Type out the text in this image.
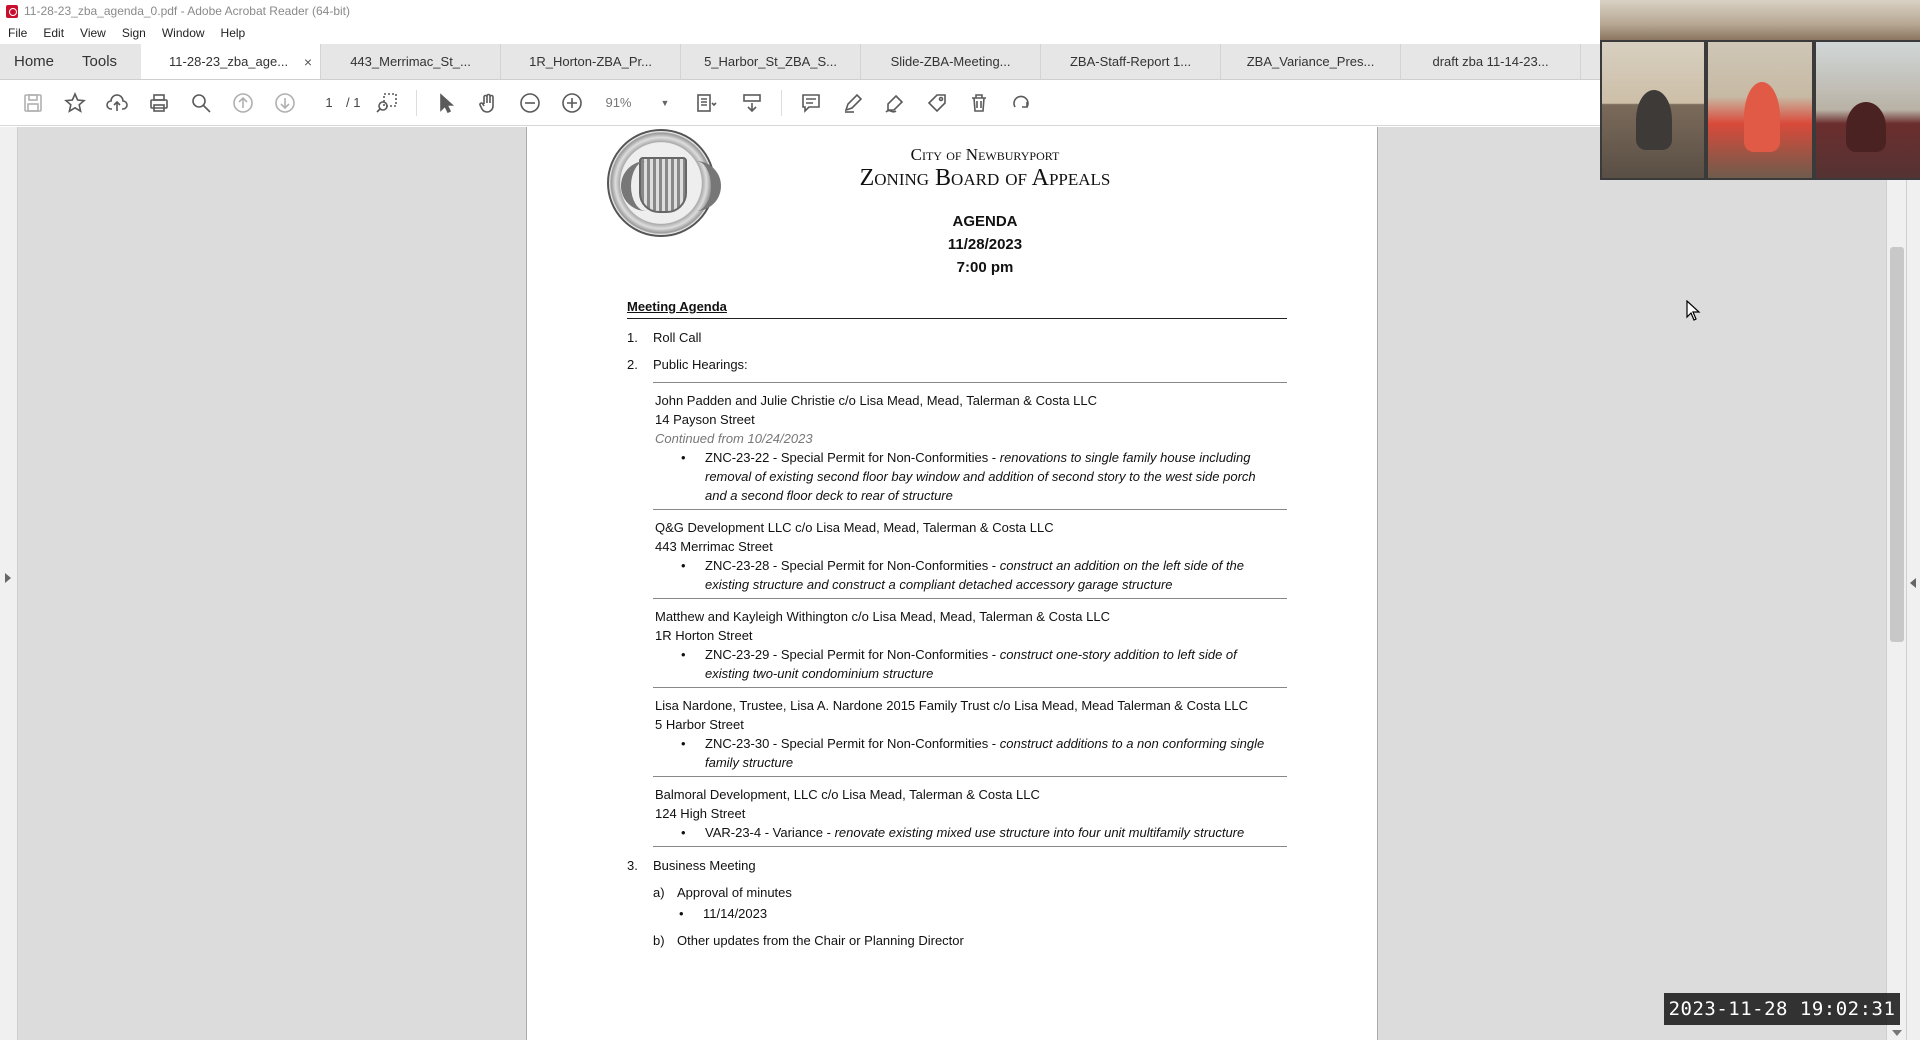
11-28-23_zba_agenda_0.pdf - Adobe Acrobat Reader (64-bit)
File Edit View Sign Window Help
Home	Tools	11-28-23_zba_age... ×	443_Merrimac_St_...	1R_Horton-ZBA_Pr...	5_Harbor_St_ZBA_S...	Slide-ZBA-Meeting...	ZBA-Staff-Report 1...	ZBA_Variance_Pres...	draft zba 11-14-23...
1	/ 1	91%	▼
City of Newburyport
Zoning Board of Appeals
AGENDA
11/28/2023
7:00 pm
Meeting Agenda
1.	Roll Call
2.	Public Hearings:
John Padden and Julie Christie c/o Lisa Mead, Mead, Talerman & Costa LLC
14 Payson Street
Continued from 10/24/2023
•	ZNC-23-22 - Special Permit for Non-Conformities - renovations to single family house including removal of existing second floor bay window and addition of second story to the west side porch and a second floor deck to rear of structure
Q&G Development LLC c/o Lisa Mead, Mead, Talerman & Costa LLC
443 Merrimac Street
•	ZNC-23-28 - Special Permit for Non-Conformities - construct an addition on the left side of the existing structure and construct a compliant detached accessory garage structure
Matthew and Kayleigh Withington c/o Lisa Mead, Mead, Talerman & Costa LLC
1R Horton Street
•	ZNC-23-29 - Special Permit for Non-Conformities - construct one-story addition to left side of existing two-unit condominium structure
Lisa Nardone, Trustee, Lisa A. Nardone 2015 Family Trust c/o Lisa Mead, Mead Talerman & Costa LLC
5 Harbor Street
•	ZNC-23-30 - Special Permit for Non-Conformities - construct additions to a non conforming single family structure
Balmoral Development, LLC c/o Lisa Mead, Talerman & Costa LLC
124 High Street
•	VAR-23-4 - Variance - renovate existing mixed use structure into four unit multifamily structure
3.	Business Meeting
a) Approval of minutes
•	11/14/2023
b) Other updates from the Chair or Planning Director
2023-11-28 19:02:31
